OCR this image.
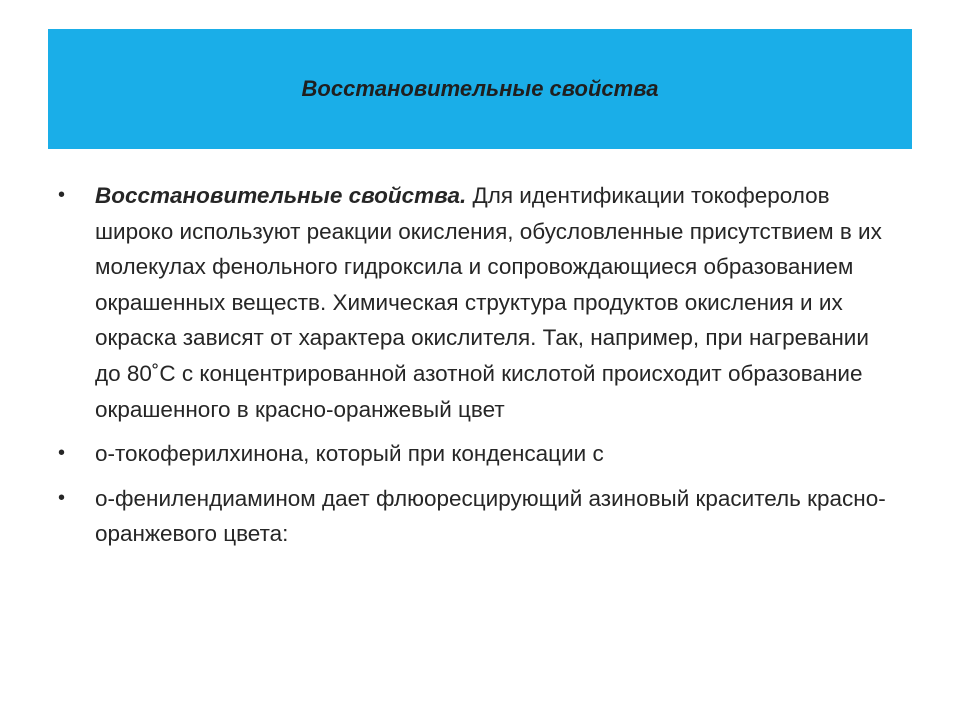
Восстановительные свойства
• Восстановительные свойства. Для идентификации токоферолов широко используют реакции окисления, обусловленные присутствием в их молекулах фенольного гидроксила и сопровождающиеся образованием окрашенных веществ. Химическая структура продуктов окисления и их окраска зависят от характера окислителя. Так, например, при нагревании до 80˚С с концентрированной азотной кислотой происходит образование окрашенного в красно-оранжевый цвет
• о-токоферилхинона, который при конденсации с
• о-фенилендиамином дает флюоресцирующий азиновый краситель красно-оранжевого цвета:
